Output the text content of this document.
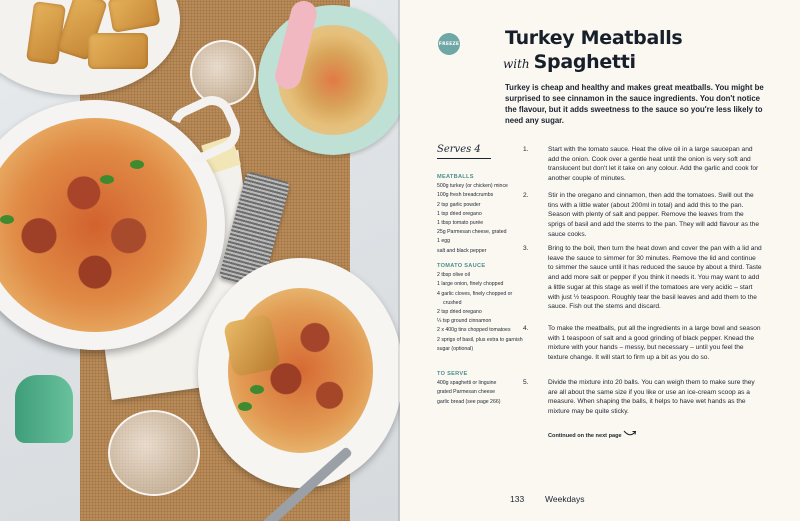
FREEZE Turkey Meatballs
with Spaghetti

Turkey is cheap and healthy and makes great meatballs. You might be surprised to see cinnamon in the sauce ingredients. You don't notice the flavour, but it adds sweetness to the sauce so you're less likely to need any sugar.

Serves 4
MEATBALLS
500g turkey (or chicken) mince
100g fresh breadcrumbs
2 tsp garlic powder
1 tsp dried oregano
1 tbsp tomato purée
25g Parmesan cheese, grated
1 egg
salt and black pepper
TOMATO SAUCE
2 tbsp olive oil
1 large onion, finely chopped
4 garlic cloves, finely chopped or crushed
2 tsp dried oregano
¼ tsp ground cinnamon
2 x 400g tins chopped tomatoes
2 sprigs of basil, plus extra to garnish
sugar (optional)
TO SERVE
400g spaghetti or linguine
grated Parmesan cheese
garlic bread (see page 266)
1.	Start with the tomato sauce. Heat the olive oil in a large saucepan and add the onion. Cook over a gentle heat until the onion is very soft and translucent but don't let it take on any colour. Add the garlic and cook for another couple of minutes.
2.	Stir in the oregano and cinnamon, then add the tomatoes. Swill out the tins with a little water (about 200ml in total) and add this to the pan. Season with plenty of salt and pepper. Remove the leaves from the sprigs of basil and add the stems to the pan. They will add flavour as the sauce cooks.
3.	Bring to the boil, then turn the heat down and cover the pan with a lid and leave the sauce to simmer for 30 minutes. Remove the lid and continue to simmer the sauce until it has reduced the sauce by about a third. Taste and add more salt or pepper if you think it needs it. You may want to add a little sugar at this stage as well if the tomatoes are very acidic – start with just ½ teaspoon. Roughly tear the basil leaves and add them to the sauce. Fish out the stems and discard.
4.	To make the meatballs, put all the ingredients in a large bowl and season with 1 teaspoon of salt and a good grinding of black pepper. Knead the mixture with your hands – messy, but necessary – until you feel the texture change. It will start to firm up a bit as you do so.
5.	Divide the mixture into 20 balls. You can weigh them to make sure they are all about the same size if you like or use an ice-cream scoop as a measure. When shaping the balls, it helps to have wet hands as the mixture may be quite sticky.
Continued on the next page
133 Weekdays
